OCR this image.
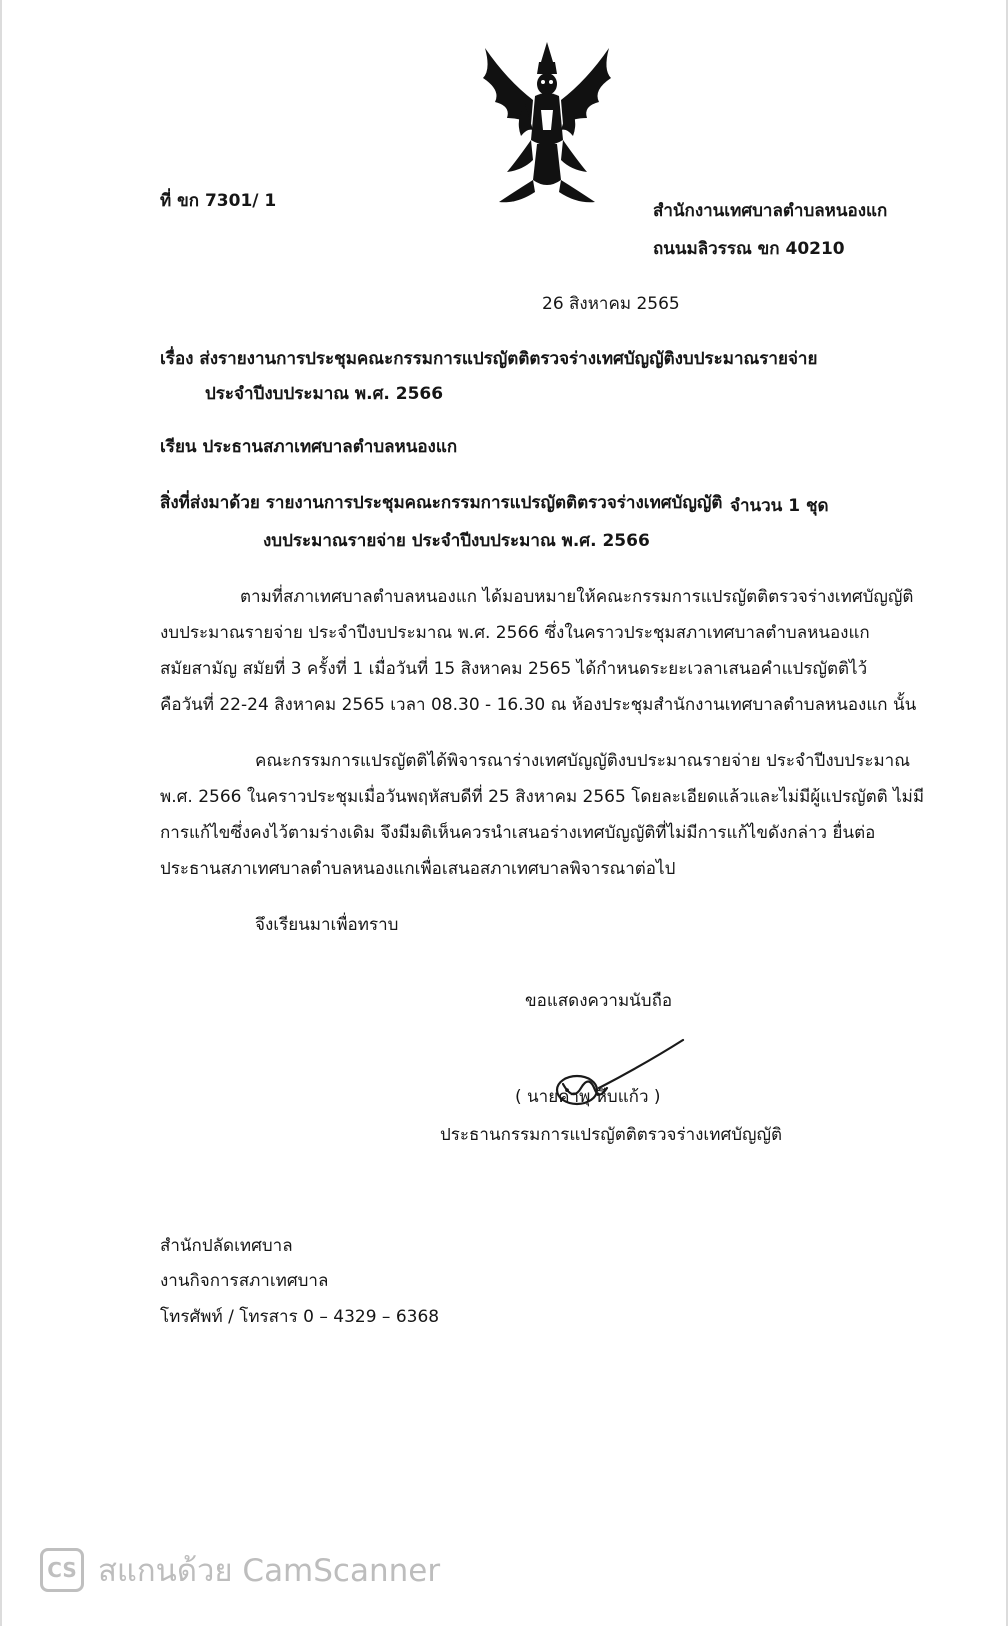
ที่ ขก 7301/ 1	สำนักงานเทศบาลตำบลหนองแก
ถนนมลิวรรณ ขก 40210
26 สิงหาคม 2565
เรื่อง ส่งรายงานการประชุมคณะกรรมการแปรญัตติตรวจร่างเทศบัญญัติงบประมาณรายจ่าย
ประจำปีงบประมาณ พ.ศ. 2566
เรียน ประธานสภาเทศบาลตำบลหนองแก
สิ่งที่ส่งมาด้วย รายงานการประชุมคณะกรรมการแปรญัตติตรวจร่างเทศบัญญัติ จำนวน 1 ชุด
งบประมาณรายจ่าย ประจำปีงบประมาณ พ.ศ. 2566
ตามที่สภาเทศบาลตำบลหนองแก ได้มอบหมายให้คณะกรรมการแปรญัตติตรวจร่างเทศบัญญัติ
งบประมาณรายจ่าย ประจำปีงบประมาณ พ.ศ. 2566 ซึ่งในคราวประชุมสภาเทศบาลตำบลหนองแก
สมัยสามัญ สมัยที่ 3 ครั้งที่ 1 เมื่อวันที่ 15 สิงหาคม 2565 ได้กำหนดระยะเวลาเสนอคำแปรญัตติไว้
คือวันที่ 22-24 สิงหาคม 2565 เวลา 08.30 - 16.30 ณ ห้องประชุมสำนักงานเทศบาลตำบลหนองแก นั้น
คณะกรรมการแปรญัตติได้พิจารณาร่างเทศบัญญัติงบประมาณรายจ่าย ประจำปีงบประมาณ
พ.ศ. 2566 ในคราวประชุมเมื่อวันพฤหัสบดีที่ 25 สิงหาคม 2565 โดยละเอียดแล้วและไม่มีผู้แปรญัตติ ไม่มี
การแก้ไขซึ่งคงไว้ตามร่างเดิม จึงมีมติเห็นควรนำเสนอร่างเทศบัญญัติที่ไม่มีการแก้ไขดังกล่าว ยื่นต่อ
ประธานสภาเทศบาลตำบลหนองแกเพื่อเสนอสภาเทศบาลพิจารณาต่อไป
จึงเรียนมาเพื่อทราบ
ขอแสดงความนับถือ
( นายคำพุ หีบแก้ว )
ประธานกรรมการแปรญัตติตรวจร่างเทศบัญญัติ
สำนักปลัดเทศบาล
งานกิจการสภาเทศบาล
โทรศัพท์ / โทรสาร 0 – 4329 – 6368
CS สแกนด้วย CamScanner
